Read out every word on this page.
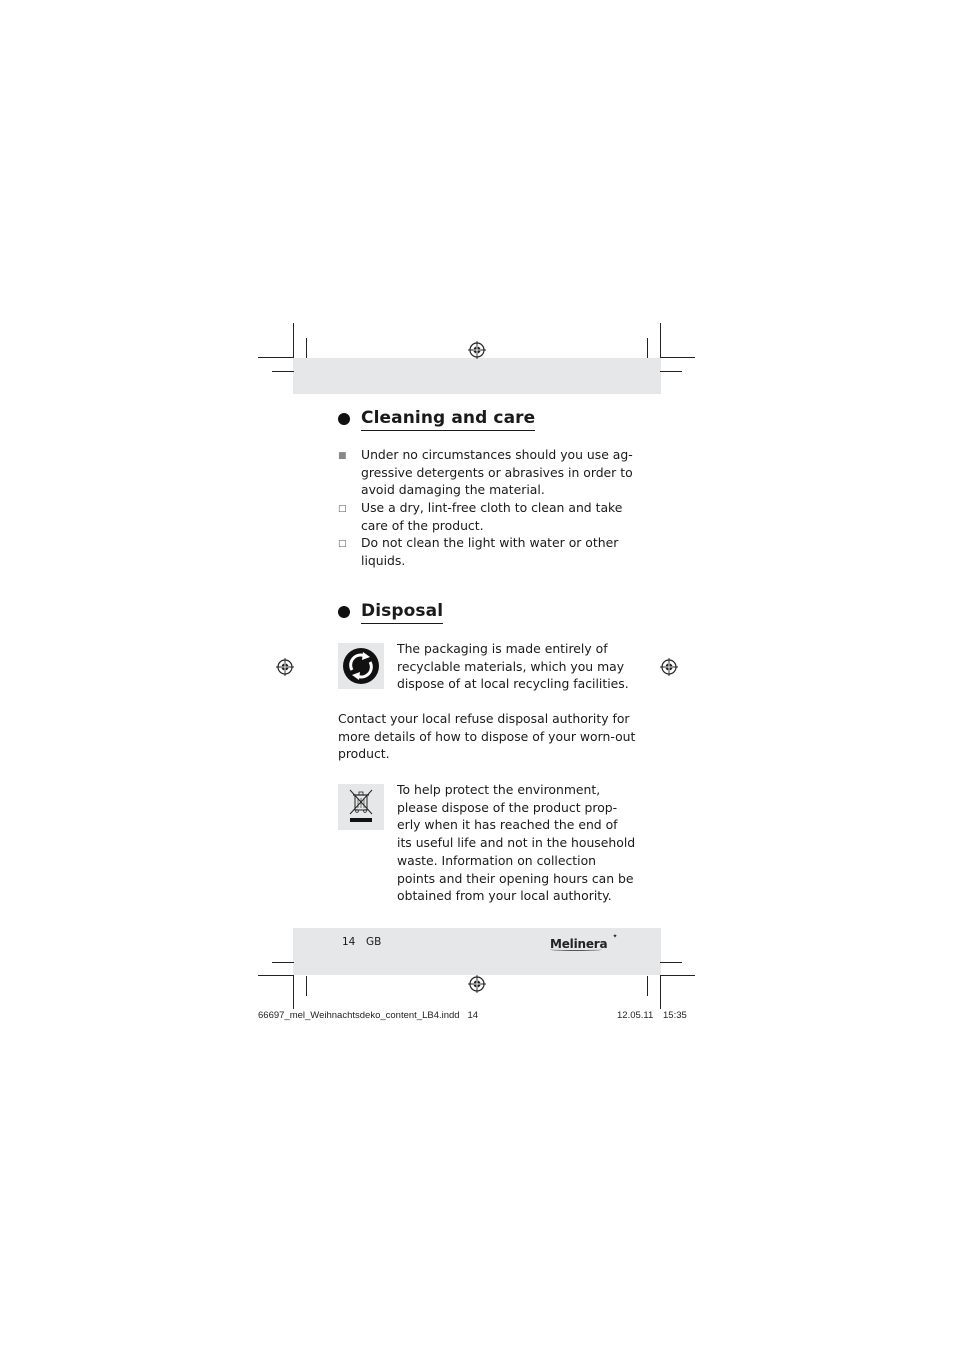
Cleaning and care
■ Under no circumstances should you use ag-
gressive detergents or abrasives in order to
avoid damaging the material.
□ Use a dry, lint-free cloth to clean and take
care of the product.
□ Do not clean the light with water or other
liquids.
Disposal
The packaging is made entirely of
recyclable materials, which you may
dispose of at local recycling facilities.
Contact your local refuse disposal authority for
more details of how to dispose of your worn-out
product.
To help protect the environment,
please dispose of the product prop-
erly when it has reached the end of
its useful life and not in the household
waste. Information on collection
points and their opening hours can be
obtained from your local authority.
14 GB	Melinera ✦
66697_mel_Weihnachtsdeko_content_LB4.indd   14	12.05.11 15:35
